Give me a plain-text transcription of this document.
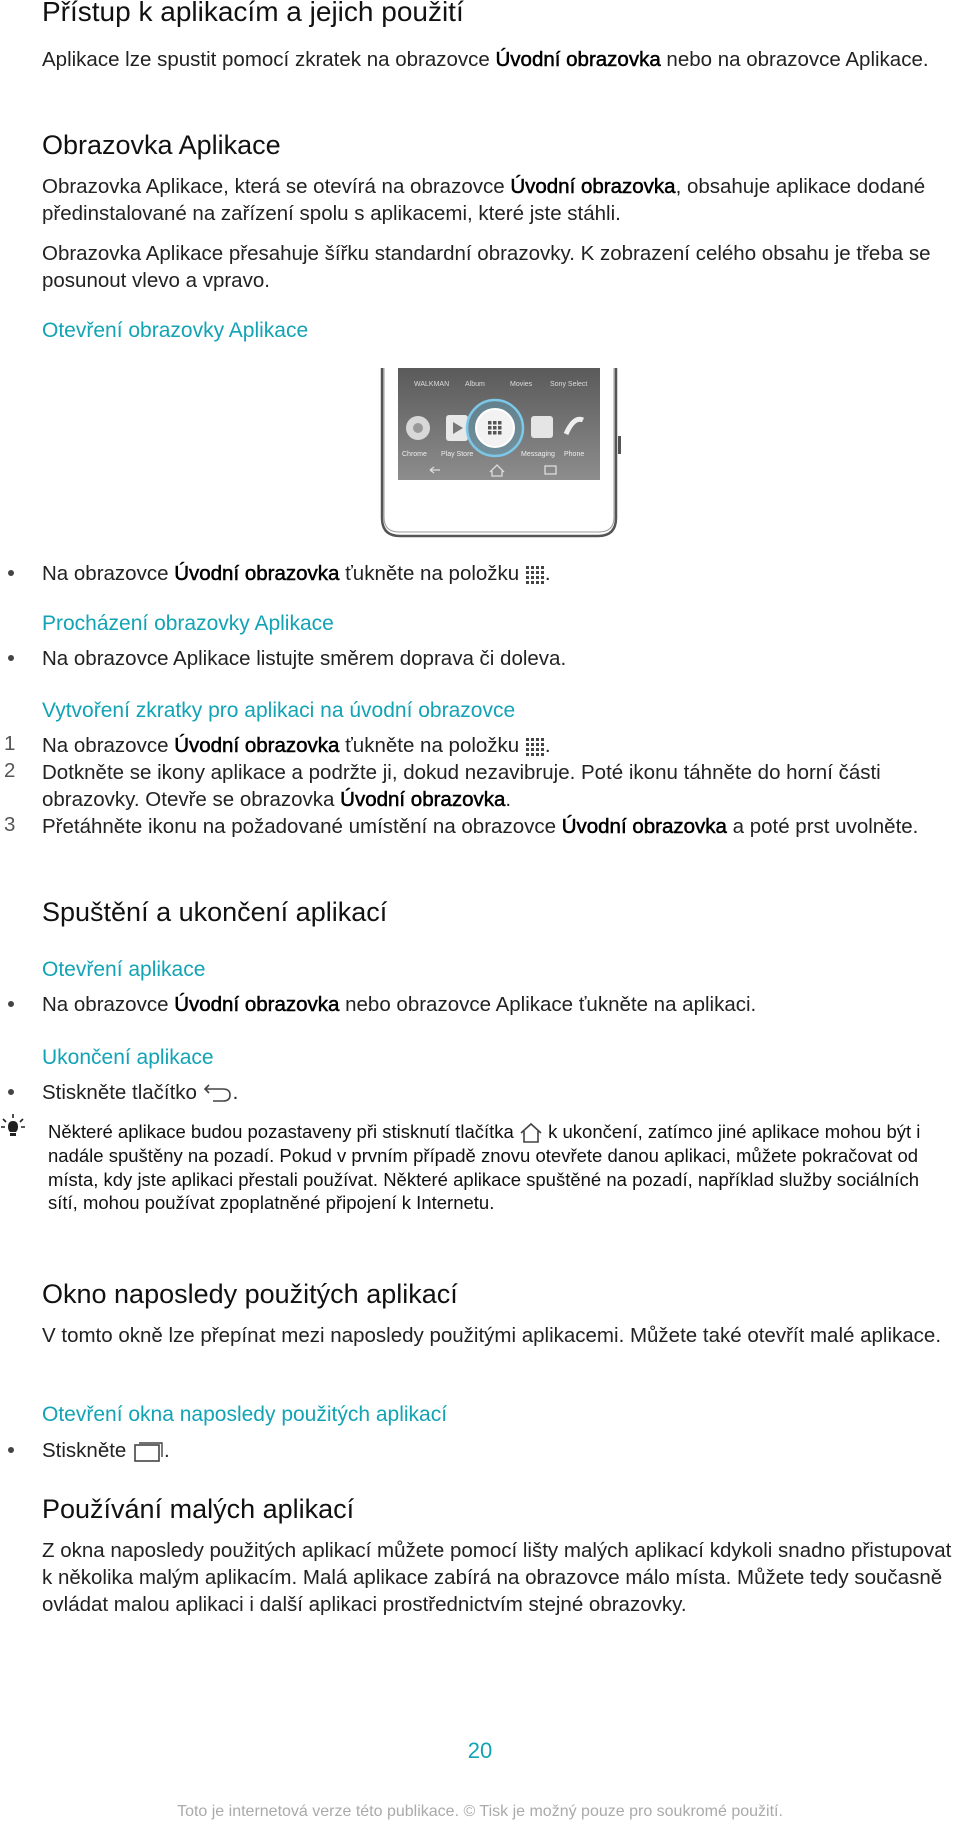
Přístup k aplikacím a jejich použití
Aplikace lze spustit pomocí zkratek na obrazovce Úvodní obrazovka nebo na obrazovce Aplikace.
Obrazovka Aplikace
Obrazovka Aplikace, která se otevírá na obrazovce Úvodní obrazovka, obsahuje aplikace dodané předinstalované na zařízení spolu s aplikacemi, které jste stáhli.
Obrazovka Aplikace přesahuje šířku standardní obrazovky. K zobrazení celého obsahu je třeba se posunout vlevo a vpravo.
Otevření obrazovky Aplikace
WALKMAN Album	Movies	Sony Select
Chrome Play Store	Messaging Phone
Na obrazovce Úvodní obrazovka ťukněte na položku .
Procházení obrazovky Aplikace
Na obrazovce Aplikace listujte směrem doprava či doleva.
Vytvoření zkratky pro aplikaci na úvodní obrazovce
1 Na obrazovce Úvodní obrazovka ťukněte na položku .
2 Dotkněte se ikony aplikace a podržte ji, dokud nezavibruje. Poté ikonu táhněte do horní části obrazovky. Otevře se obrazovka Úvodní obrazovka.
3 Přetáhněte ikonu na požadované umístění na obrazovce Úvodní obrazovka a poté prst uvolněte.
Spuštění a ukončení aplikací
Otevření aplikace
Na obrazovce Úvodní obrazovka nebo obrazovce Aplikace ťukněte na aplikaci.
Ukončení aplikace
Stiskněte tlačítko .
Některé aplikace budou pozastaveny při stisknutí tlačítka  k ukončení, zatímco jiné aplikace mohou být i nadále spuštěny na pozadí. Pokud v prvním případě znovu otevřete danou aplikaci, můžete pokračovat od místa, kdy jste aplikaci přestali používat. Některé aplikace spuštěné na pozadí, například služby sociálních sítí, mohou používat zpoplatněné připojení k Internetu.
Okno naposledy použitých aplikací
V tomto okně lze přepínat mezi naposledy použitými aplikacemi. Můžete také otevřít malé aplikace.
Otevření okna naposledy použitých aplikací
Stiskněte .
Používání malých aplikací
Z okna naposledy použitých aplikací můžete pomocí lišty malých aplikací kdykoli snadno přistupovat k několika malým aplikacím. Malá aplikace zabírá na obrazovce málo místa. Můžete tedy současně ovládat malou aplikaci i další aplikaci prostřednictvím stejné obrazovky.
20
Toto je internetová verze této publikace. © Tisk je možný pouze pro soukromé použití.
